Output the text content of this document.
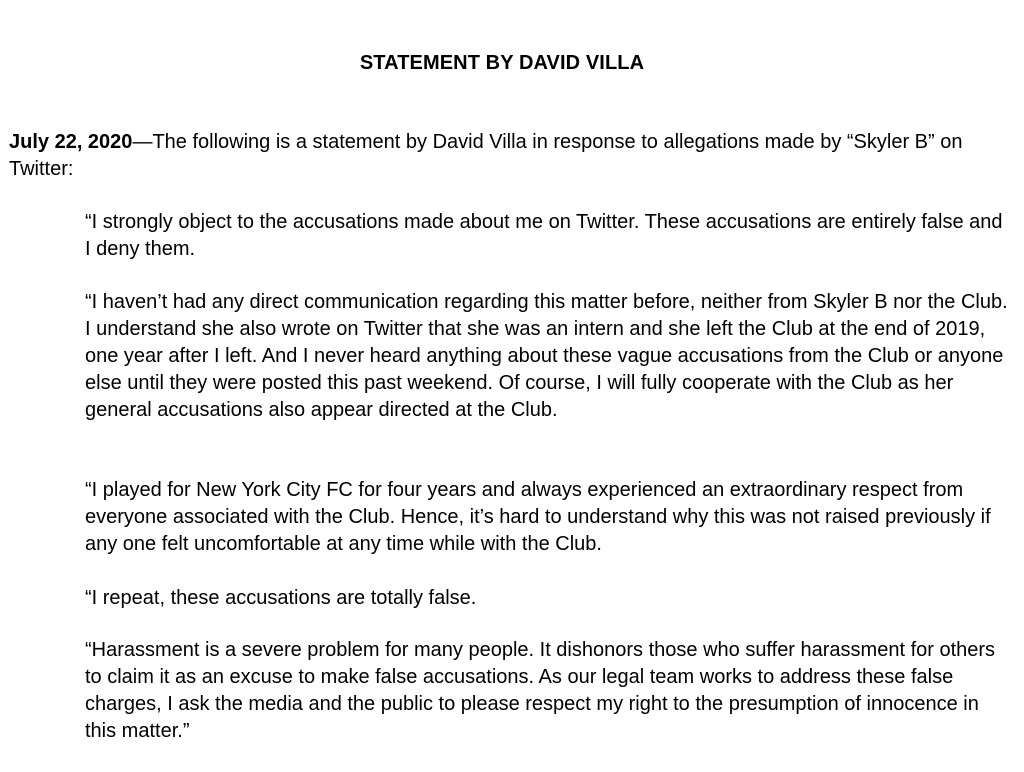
STATEMENT BY DAVID VILLA
July 22, 2020—The following is a statement by David Villa in response to allegations made by “Skyler B” on Twitter:

“I strongly object to the accusations made about me on Twitter. These accusations are entirely false and I deny them.

“I haven’t had any direct communication regarding this matter before, neither from Skyler B nor the Club. I understand she also wrote on Twitter that she was an intern and she left the Club at the end of 2019, one year after I left. And I never heard anything about these vague accusations from the Club or anyone else until they were posted this past weekend. Of course, I will fully cooperate with the Club as her general accusations also appear directed at the Club.

“I played for New York City FC for four years and always experienced an extraordinary respect from everyone associated with the Club. Hence, it’s hard to understand why this was not raised previously if any one felt uncomfortable at any time while with the Club.

“I repeat, these accusations are totally false.

“Harassment is a severe problem for many people. It dishonors those who suffer harassment for others to claim it as an excuse to make false accusations. As our legal team works to address these false charges, I ask the media and the public to please respect my right to the presumption of innocence in this matter.”
